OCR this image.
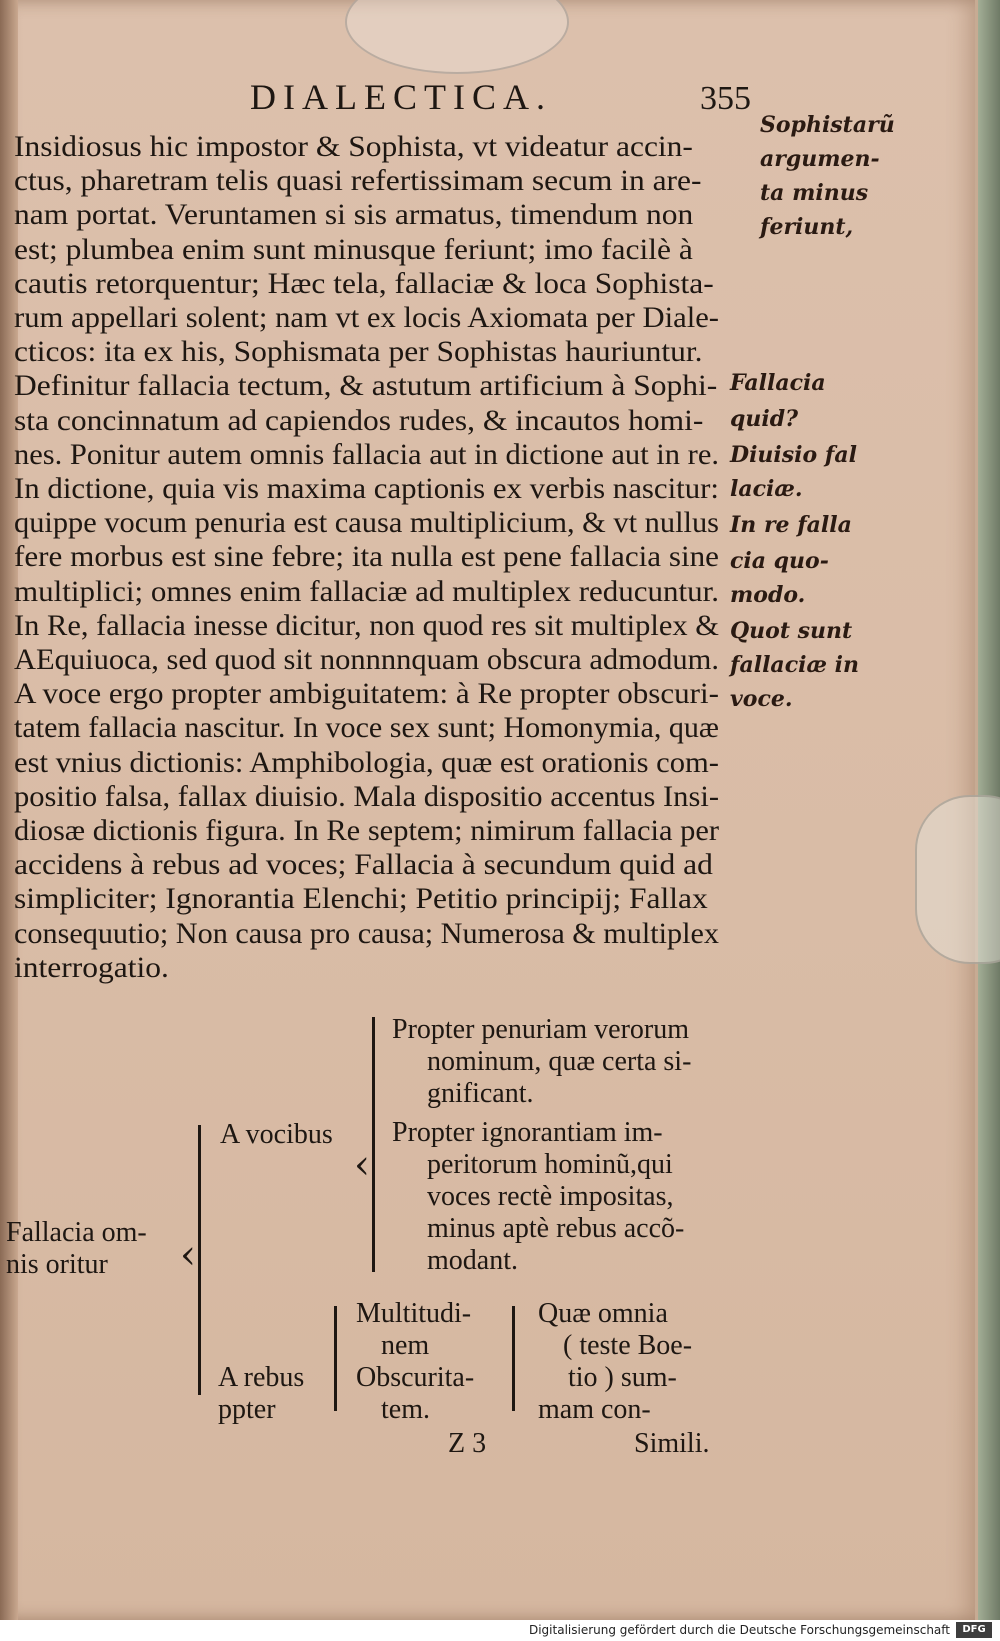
DIALECTICA.	355
Insidiosus hic impostor & Sophista, vt videatur accin-
ctus, pharetram telis quasi refertissimam secum in are-
nam portat. Veruntamen si sis armatus, timendum non
est; plumbea enim sunt minusque feriunt; imo facilè à
cautis retorquentur; Hæc tela, fallaciæ & loca Sophista-
rum appellari solent; nam vt ex locis Axiomata per Diale-
cticos: ita ex his, Sophismata per Sophistas hauriuntur.
Definitur fallacia tectum, & astutum artificium à Sophi-
sta concinnatum ad capiendos rudes, & incautos homi-
nes. Ponitur autem omnis fallacia aut in dictione aut in re.
In dictione, quia vis maxima captionis ex verbis nascitur:
quippe vocum penuria est causa multiplicium, & vt nullus
fere morbus est sine febre; ita nulla est pene fallacia sine
multiplici; omnes enim fallaciæ ad multiplex reducuntur.
In Re, fallacia inesse dicitur, non quod res sit multiplex &
AEquiuoca, sed quod sit nonnnnquam obscura admodum.
A voce ergo propter ambiguitatem: à Re propter obscuri-
tatem fallacia nascitur. In voce sex sunt; Homonymia, quæ
est vnius dictionis: Amphibologia, quæ est orationis com-
positio falsa, fallax diuisio. Mala dispositio accentus Insi-
diosæ dictionis figura. In Re septem; nimirum fallacia per
accidens à rebus ad voces; Fallacia à secundum quid ad
simpliciter; Ignorantia Elenchi; Petitio principij; Fallax
consequutio; Non causa pro causa; Numerosa & multiplex
interrogatio.
Sophistarũ
argumen-
ta minus
feriunt,
Fallacia
quid?
Diuisio fal
laciæ.
In re falla
cia quo-
modo.
Quot sunt
fallaciæ in
voce.
Fallacia om-
nis oritur	‹
A vocibus
‹
Propter penuriam verorum
nominum, quæ certa si-
gnificant.
Propter ignorantiam im-
peritorum hominũ,qui
voces rectè impositas,
minus aptè rebus accõ-
modant.
A rebus
ppter
Multitudi-
nem
Obscurita-
tem.
Quæ omnia
( teste Boe-
tio ) sum-
mam con-
Z 3	Simili.
Digitalisierung gefördert durch die Deutsche Forschungsgemeinschaft	DFG
